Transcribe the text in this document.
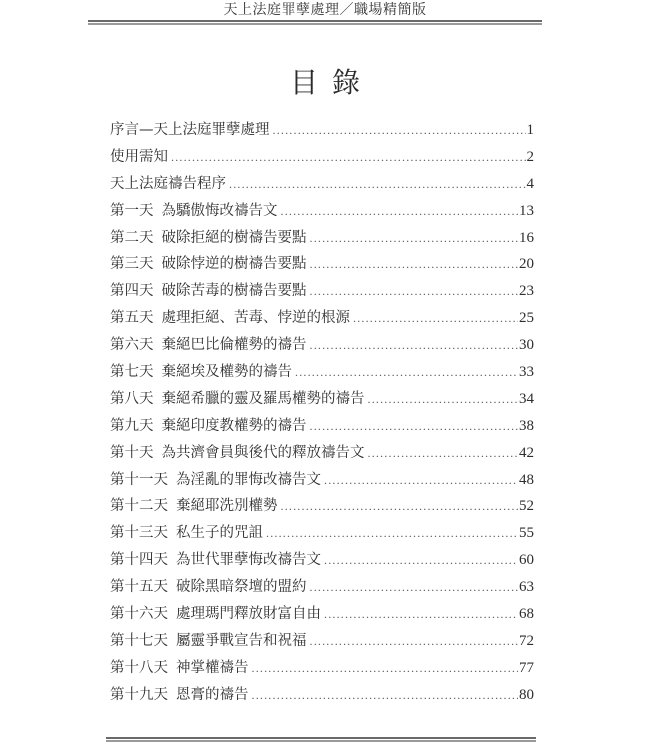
天上法庭罪孽處理／職場精簡版
目錄
序言—天上法庭罪孽處理 .....	1
使用需知 .....	2
天上法庭禱告程序 .....	4
第一天 為驕傲悔改禱告文 .....	13
第二天 破除拒絕的樹禱告要點 .....	16
第三天 破除悖逆的樹禱告要點 .....	20
第四天 破除苦毒的樹禱告要點 .....	23
第五天 處理拒絕、苦毒、悖逆的根源 .....	25
第六天 棄絕巴比倫權勢的禱告 .....	30
第七天 棄絕埃及權勢的禱告 .....	33
第八天 棄絕希臘的靈及羅馬權勢的禱告 .....	34
第九天 棄絕印度教權勢的禱告 .....	38
第十天 為共濟會員與後代的釋放禱告文 .....	42
第十一天 為淫亂的罪悔改禱告文 .....	48
第十二天 棄絕耶洗別權勢 .....	52
第十三天 私生子的咒詛 .....	55
第十四天 為世代罪孽悔改禱告文 .....	60
第十五天 破除黑暗祭壇的盟約 .....	63
第十六天 處理瑪門釋放財富自由 .....	68
第十七天 屬靈爭戰宣告和祝福 .....	72
第十八天 神掌權禱告 .....	77
第十九天 恩膏的禱告 .....	80
